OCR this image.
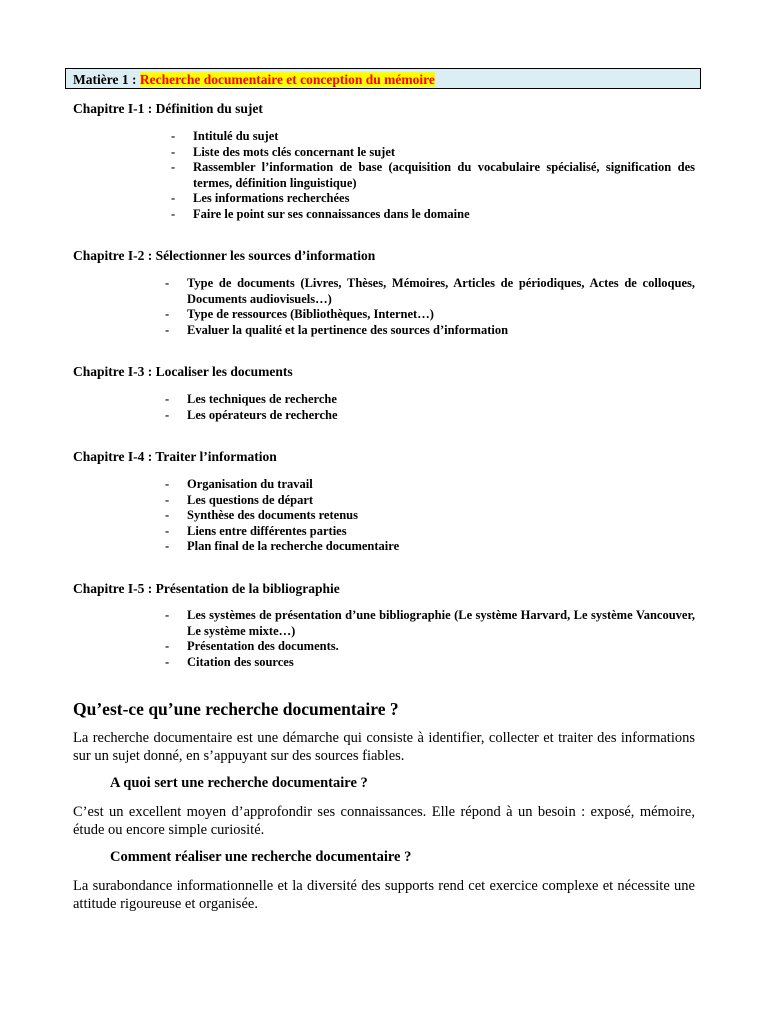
Matière 1 : Recherche documentaire et conception du mémoire
Chapitre I-1 : Définition du sujet
- Intitulé du sujet
- Liste des mots clés concernant le sujet
- Rassembler l’information de base (acquisition du vocabulaire spécialisé, signification des termes, définition linguistique)
- Les informations recherchées
- Faire le point sur ses connaissances dans le domaine
Chapitre I-2 : Sélectionner les sources d’information
- Type de documents (Livres, Thèses, Mémoires, Articles de périodiques, Actes de colloques, Documents audiovisuels…)
- Type de ressources (Bibliothèques, Internet…)
- Evaluer la qualité et la pertinence des sources d’information
Chapitre I-3 : Localiser les documents
- Les techniques de recherche
- Les opérateurs de recherche
Chapitre I-4 : Traiter l’information
- Organisation du travail
- Les questions de départ
- Synthèse des documents retenus
- Liens entre différentes parties
- Plan final de la recherche documentaire
Chapitre I-5 : Présentation de la bibliographie
- Les systèmes de présentation d’une bibliographie (Le système Harvard, Le système Vancouver, Le système mixte…)
- Présentation des documents.
- Citation des sources
Qu’est-ce qu’une recherche documentaire ?

La recherche documentaire est une démarche qui consiste à identifier, collecter et traiter des informations sur un sujet donné, en s’appuyant sur des sources fiables.

A quoi sert une recherche documentaire ?

C’est un excellent moyen d’approfondir ses connaissances. Elle répond à un besoin : exposé, mémoire, étude ou encore simple curiosité.

Comment réaliser une recherche documentaire ?

La surabondance informationnelle et la diversité des supports rend cet exercice complexe et nécessite une attitude rigoureuse et organisée.
